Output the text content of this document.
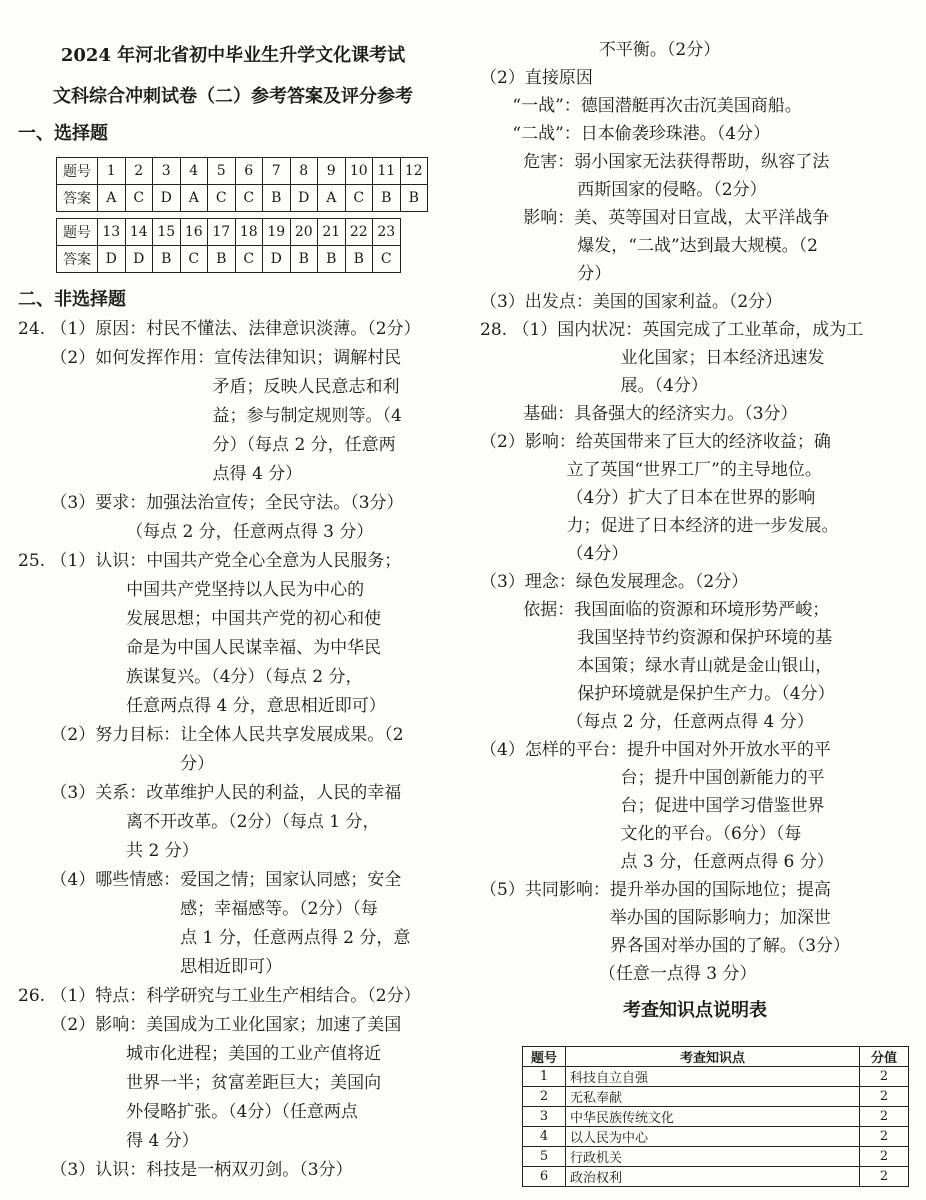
2024 年河北省初中毕业生升学文化课考试
文科综合冲刺试卷（二）参考答案及评分参考
一、选择题
题号	1	2	3	4	5	6	7	8	9	10	11	12
答案	A	C	D	A	C	C	B	D	A	C	B	B
题号	13	14	15	16	17	18	19	20	21	22	23
答案	D	D	B	C	B	C	D	B	B	B	C
二、非选择题
24. （1）原因：村民不懂法、法律意识淡薄。（2分）
（2）如何发挥作用：宣传法律知识；调解村民
矛盾；反映人民意志和利
益；参与制定规则等。（4
分）（每点 2 分，任意两
点得 4 分）
（3）要求：加强法治宣传；全民守法。（3分）
（每点 2 分，任意两点得 3 分）
25. （1）认识：中国共产党全心全意为人民服务；
中国共产党坚持以人民为中心的
发展思想；中国共产党的初心和使
命是为中国人民谋幸福、为中华民
族谋复兴。（4分）（每点 2 分，
任意两点得 4 分，意思相近即可）
（2）努力目标：让全体人民共享发展成果。（2
分）
（3）关系：改革维护人民的利益，人民的幸福
离不开改革。（2分）（每点 1 分，
共 2 分）
（4）哪些情感：爱国之情；国家认同感；安全
感；幸福感等。（2分）（每
点 1 分，任意两点得 2 分，意
思相近即可）
26. （1）特点：科学研究与工业生产相结合。（2分）
（2）影响：美国成为工业化国家；加速了美国
城市化进程；美国的工业产值将近
世界一半；贫富差距巨大；美国向
外侵略扩张。（4分）（任意两点
得 4 分）
（3）认识：科技是一柄双刃剑。（3分）
不平衡。（2分）
（2）直接原因
“一战”：德国潜艇再次击沉美国商船。
“二战”：日本偷袭珍珠港。（4分）
危害：弱小国家无法获得帮助，纵容了法
西斯国家的侵略。（2分）
影响：美、英等国对日宣战，太平洋战争
爆发，“二战”达到最大规模。（2
分）
（3）出发点：美国的国家利益。（2分）
28. （1）国内状况：英国完成了工业革命，成为工
业化国家；日本经济迅速发
展。（4分）
基础：具备强大的经济实力。（3分）
（2）影响：给英国带来了巨大的经济收益；确
立了英国“世界工厂”的主导地位。
（4分）扩大了日本在世界的影响
力；促进了日本经济的进一步发展。
（4分）
（3）理念：绿色发展理念。（2分）
依据：我国面临的资源和环境形势严峻；
我国坚持节约资源和保护环境的基
本国策；绿水青山就是金山银山，
保护环境就是保护生产力。（4分）
（每点 2 分，任意两点得 4 分）
（4）怎样的平台：提升中国对外开放水平的平
台；提升中国创新能力的平
台；促进中国学习借鉴世界
文化的平台。（6分）（每
点 3 分，任意两点得 6 分）
（5）共同影响：提升举办国的国际地位；提高
举办国的国际影响力；加深世
界各国对举办国的了解。（3分）
（任意一点得 3 分）
考查知识点说明表
题号	考查知识点	分值
1	科技自立自强	2
2	无私奉献	2
3	中华民族传统文化	2
4	以人民为中心	2
5	行政机关	2
6	政治权利	2
